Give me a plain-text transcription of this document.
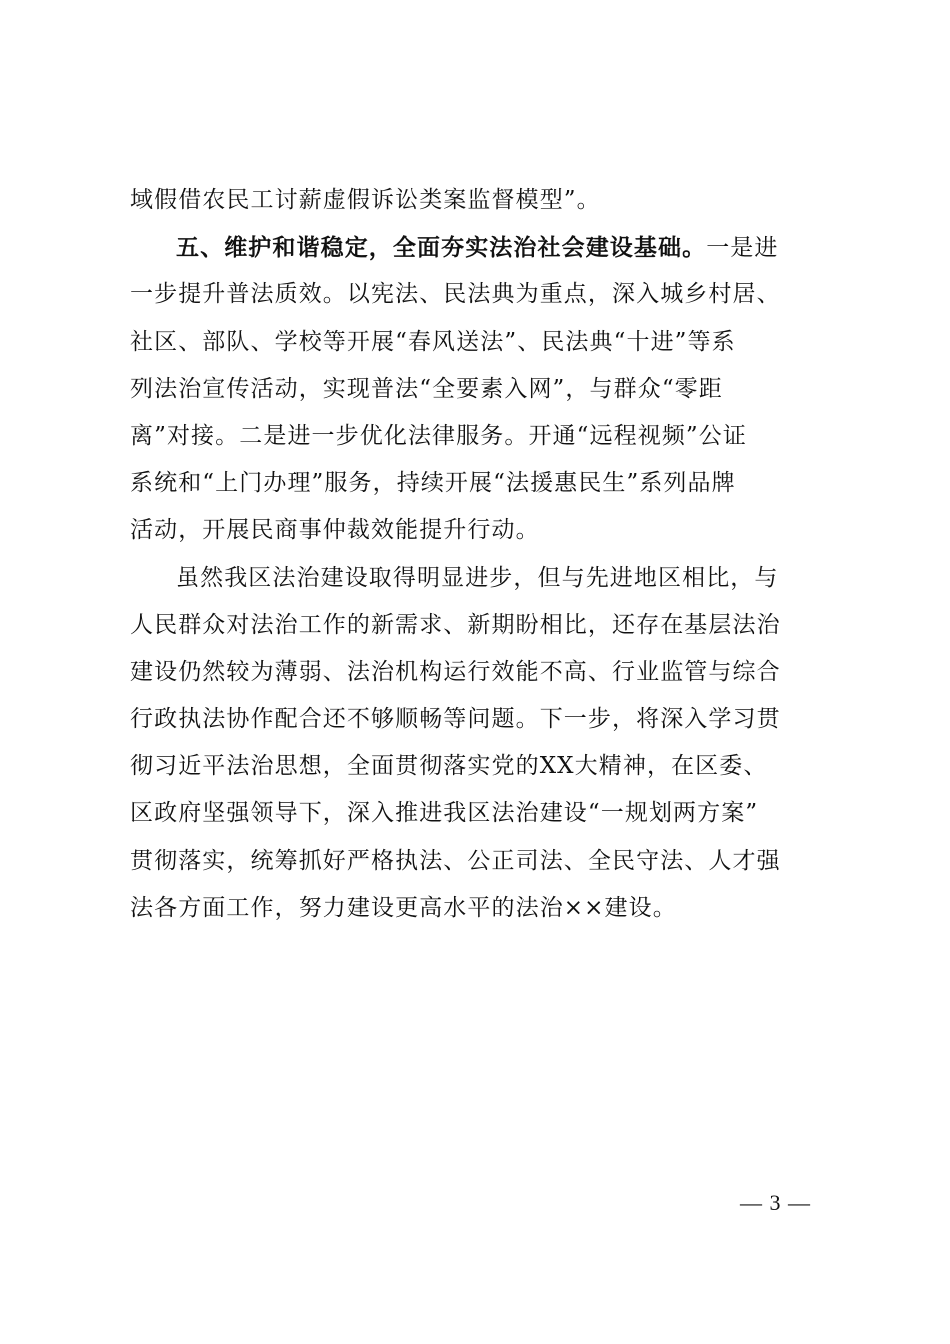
域假借农民工讨薪虚假诉讼类案监督模型”。
五、维护和谐稳定，全面夯实法治社会建设基础。一是进
一步提升普法质效。以宪法、民法典为重点，深入城乡村居、
社区、部队、学校等开展“春风送法”、民法典“十进”等系
列法治宣传活动，实现普法“全要素入网”，与群众“零距
离”对接。二是进一步优化法律服务。开通“远程视频”公证
系统和“上门办理”服务，持续开展“法援惠民生”系列品牌
活动，开展民商事仲裁效能提升行动。
虽然我区法治建设取得明显进步，但与先进地区相比，与
人民群众对法治工作的新需求、新期盼相比，还存在基层法治
建设仍然较为薄弱、法治机构运行效能不高、行业监管与综合
行政执法协作配合还不够顺畅等问题。下一步，将深入学习贯
彻习近平法治思想，全面贯彻落实党的XX大精神，在区委、
区政府坚强领导下，深入推进我区法治建设“一规划两方案”
贯彻落实，统筹抓好严格执法、公正司法、全民守法、人才强
法各方面工作，努力建设更高水平的法治××建设。
— 3 —
